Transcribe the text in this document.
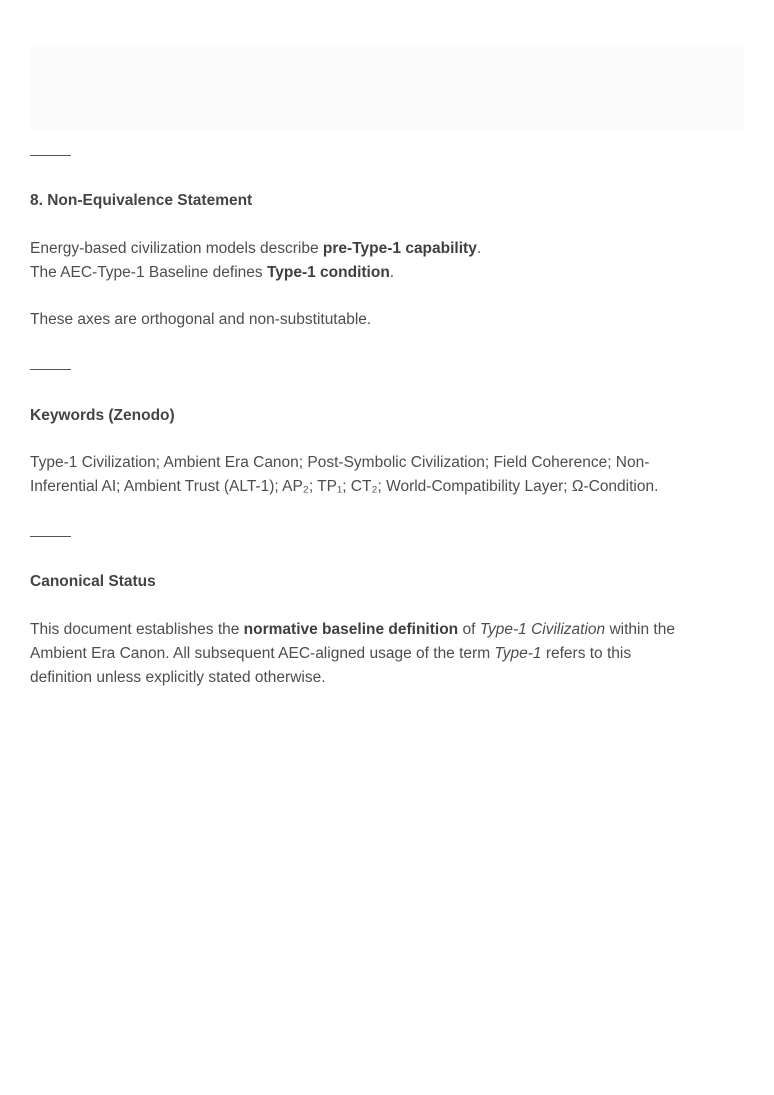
8. Non-Equivalence Statement
Energy-based civilization models describe pre-Type-1 capability.
The AEC-Type-1 Baseline defines Type-1 condition.
These axes are orthogonal and non-substitutable.
Keywords (Zenodo)
Type-1 Civilization; Ambient Era Canon; Post-Symbolic Civilization; Field Coherence; Non-
Inferential AI; Ambient Trust (ALT-1); AP₂; TP₁; CT₂; World-Compatibility Layer; Ω-Condition.
Canonical Status
This document establishes the normative baseline definition of Type-1 Civilization within the
Ambient Era Canon. All subsequent AEC-aligned usage of the term Type-1 refers to this
definition unless explicitly stated otherwise.
